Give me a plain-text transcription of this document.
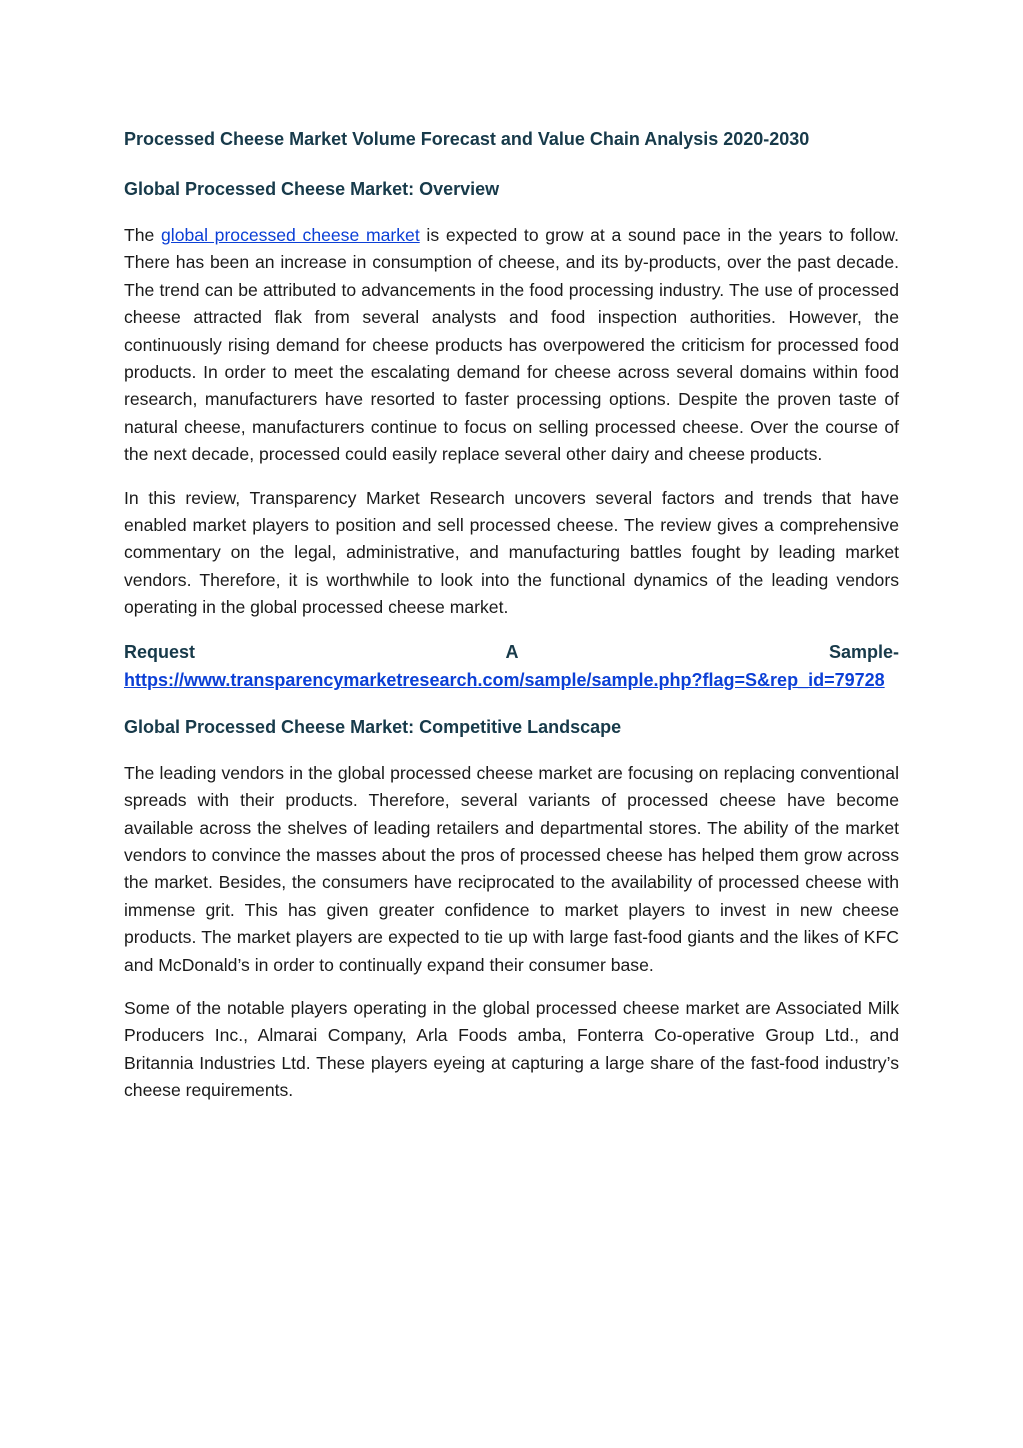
Processed Cheese Market Volume Forecast and Value Chain Analysis 2020-2030
Global Processed Cheese Market: Overview

The global processed cheese market is expected to grow at a sound pace in the years to follow. There has been an increase in consumption of cheese, and its by-products, over the past decade. The trend can be attributed to advancements in the food processing industry. The use of processed cheese attracted flak from several analysts and food inspection authorities. However, the continuously rising demand for cheese products has overpowered the criticism for processed food products. In order to meet the escalating demand for cheese across several domains within food research, manufacturers have resorted to faster processing options. Despite the proven taste of natural cheese, manufacturers continue to focus on selling processed cheese. Over the course of the next decade, processed could easily replace several other dairy and cheese products.

In this review, Transparency Market Research uncovers several factors and trends that have enabled market players to position and sell processed cheese. The review gives a comprehensive commentary on the legal, administrative, and manufacturing battles fought by leading market vendors. Therefore, it is worthwhile to look into the functional dynamics of the leading vendors operating in the global processed cheese market.

Request	A	Sample-
https://www.transparencymarketresearch.com/sample/sample.php?flag=S&rep_id=79728
Global Processed Cheese Market: Competitive Landscape

The leading vendors in the global processed cheese market are focusing on replacing conventional spreads with their products. Therefore, several variants of processed cheese have become available across the shelves of leading retailers and departmental stores. The ability of the market vendors to convince the masses about the pros of processed cheese has helped them grow across the market. Besides, the consumers have reciprocated to the availability of processed cheese with immense grit. This has given greater confidence to market players to invest in new cheese products. The market players are expected to tie up with large fast-food giants and the likes of KFC and McDonald’s in order to continually expand their consumer base.

Some of the notable players operating in the global processed cheese market are Associated Milk Producers Inc., Almarai Company, Arla Foods amba, Fonterra Co-operative Group Ltd., and Britannia Industries Ltd. These players eyeing at capturing a large share of the fast-food industry’s cheese requirements.
